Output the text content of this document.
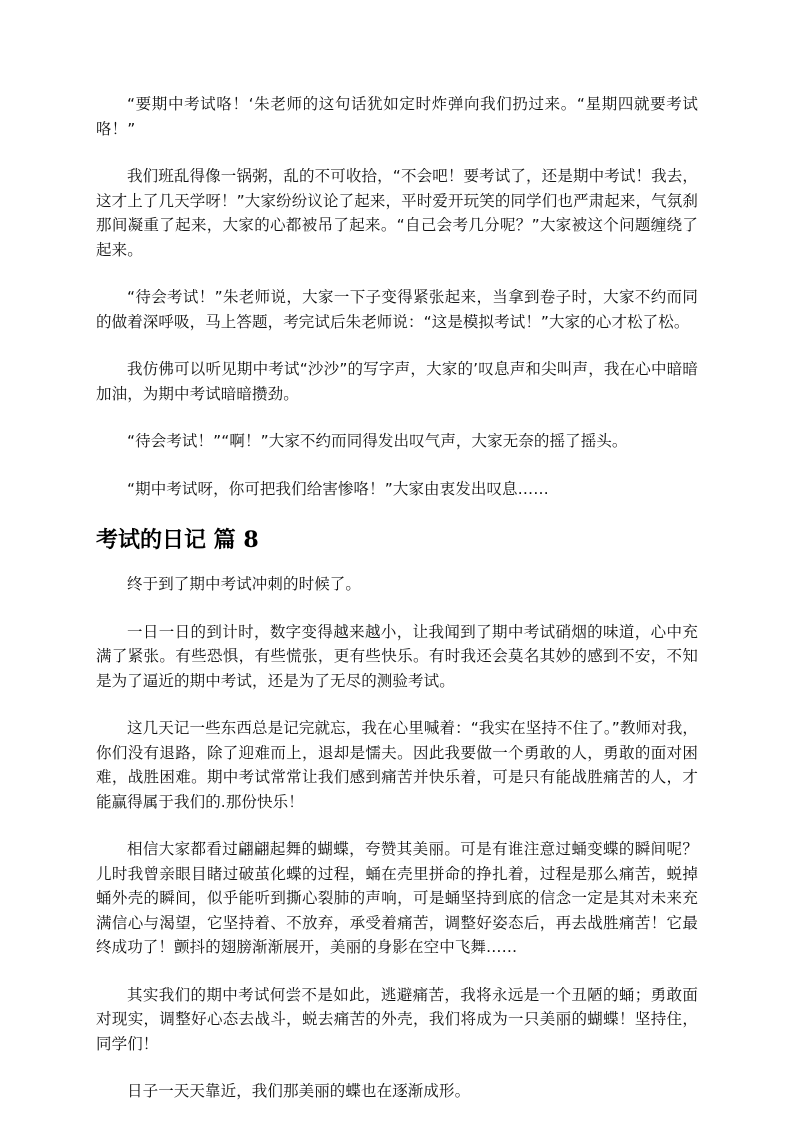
“要期中考试咯！‘朱老师的这句话犹如定时炸弹向我们扔过来。“星期四就要考试咯！”

我们班乱得像一锅粥，乱的不可收拾，“不会吧！要考试了，还是期中考试！我去，这才上了几天学呀！”大家纷纷议论了起来，平时爱开玩笑的同学们也严肃起来，气氛刹那间凝重了起来，大家的心都被吊了起来。“自己会考几分呢？”大家被这个问题缠绕了起来。

“待会考试！”朱老师说，大家一下子变得紧张起来，当拿到卷子时，大家不约而同的做着深呼吸，马上答题，考完试后朱老师说：“这是模拟考试！”大家的心才松了松。

我仿佛可以听见期中考试“沙沙”的写字声，大家的’叹息声和尖叫声，我在心中暗暗加油，为期中考试暗暗攒劲。

“待会考试！”“啊！”大家不约而同得发出叹气声，大家无奈的摇了摇头。

“期中考试呀，你可把我们给害惨咯！”大家由衷发出叹息……

考试的日记 篇 8

终于到了期中考试冲刺的时候了。

一日一日的到计时，数字变得越来越小，让我闻到了期中考试硝烟的味道，心中充满了紧张。有些恐惧，有些慌张，更有些快乐。有时我还会莫名其妙的感到不安，不知是为了逼近的期中考试，还是为了无尽的测验考试。

这几天记一些东西总是记完就忘，我在心里喊着：“我实在坚持不住了。”教师对我，你们没有退路，除了迎难而上，退却是懦夫。因此我要做一个勇敢的人，勇敢的面对困难，战胜困难。期中考试常常让我们感到痛苦并快乐着，可是只有能战胜痛苦的人，才能赢得属于我们的.那份快乐！

相信大家都看过翩翩起舞的蝴蝶，夸赞其美丽。可是有谁注意过蛹变蝶的瞬间呢？儿时我曾亲眼目睹过破茧化蝶的过程，蛹在壳里拼命的挣扎着，过程是那么痛苦，蜕掉蛹外壳的瞬间，似乎能听到撕心裂肺的声响，可是蛹坚持到底的信念一定是其对未来充满信心与渴望，它坚持着、不放弃，承受着痛苦，调整好姿态后，再去战胜痛苦！它最终成功了！颤抖的翅膀渐渐展开，美丽的身影在空中飞舞……

其实我们的期中考试何尝不是如此，逃避痛苦，我将永远是一个丑陋的蛹；勇敢面对现实，调整好心态去战斗，蜕去痛苦的外壳，我们将成为一只美丽的蝴蝶！坚持住，同学们！

日子一天天靠近，我们那美丽的蝶也在逐渐成形。
